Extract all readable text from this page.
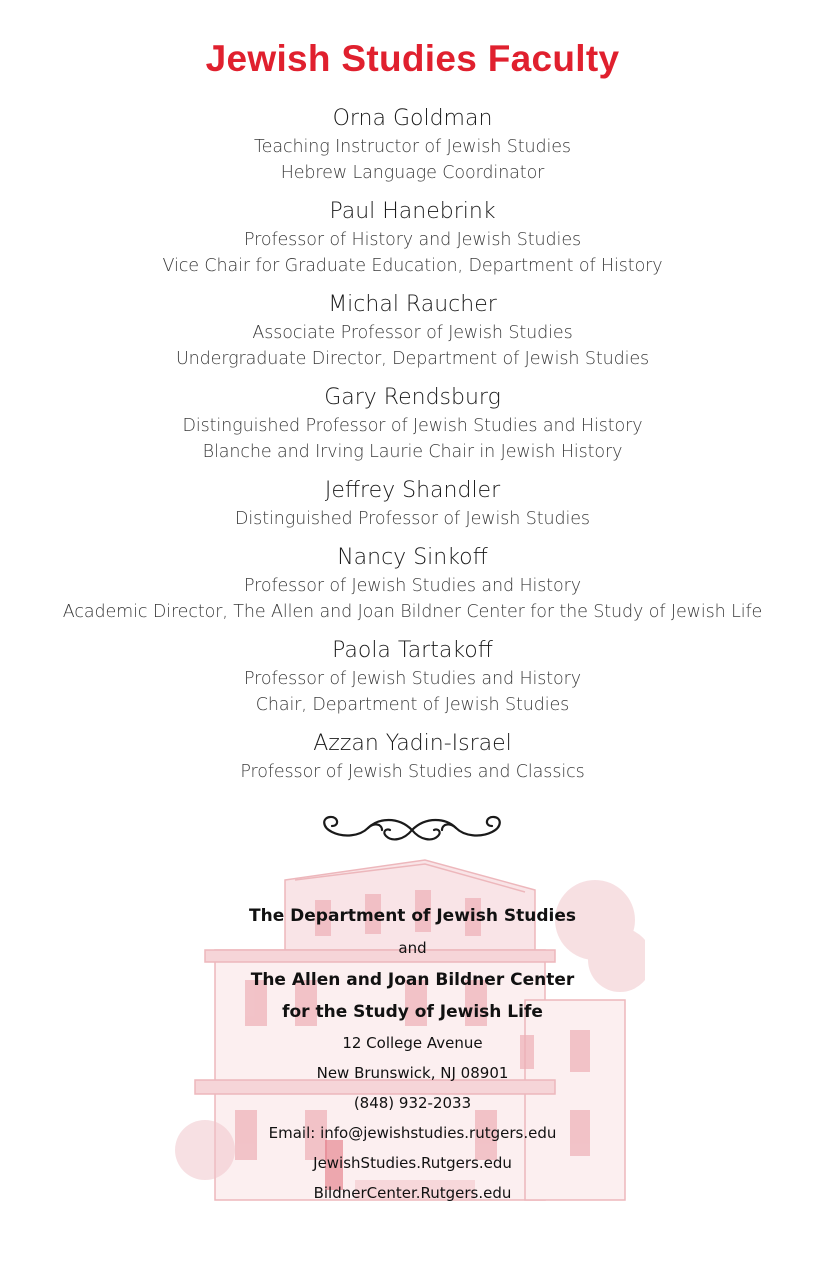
Jewish Studies Faculty
Orna Goldman
Teaching Instructor of Jewish Studies
Hebrew Language Coordinator
Paul Hanebrink
Professor of History and Jewish Studies
Vice Chair for Graduate Education, Department of History
Michal Raucher
Associate Professor of Jewish Studies
Undergraduate Director, Department of Jewish Studies
Gary Rendsburg
Distinguished Professor of Jewish Studies and History
Blanche and Irving Laurie Chair in Jewish History
Jeffrey Shandler
Distinguished Professor of Jewish Studies
Nancy Sinkoff
Professor of Jewish Studies and History
Academic Director, The Allen and Joan Bildner Center for the Study of Jewish Life
Paola Tartakoff
Professor of Jewish Studies and History
Chair, Department of Jewish Studies
Azzan Yadin-Israel
Professor of Jewish Studies and Classics
The Department of Jewish Studies
and
The Allen and Joan Bildner Center
for the Study of Jewish Life
12 College Avenue
New Brunswick, NJ 08901
(848) 932-2033
Email: info@jewishstudies.rutgers.edu
JewishStudies.Rutgers.edu
BildnerCenter.Rutgers.edu
